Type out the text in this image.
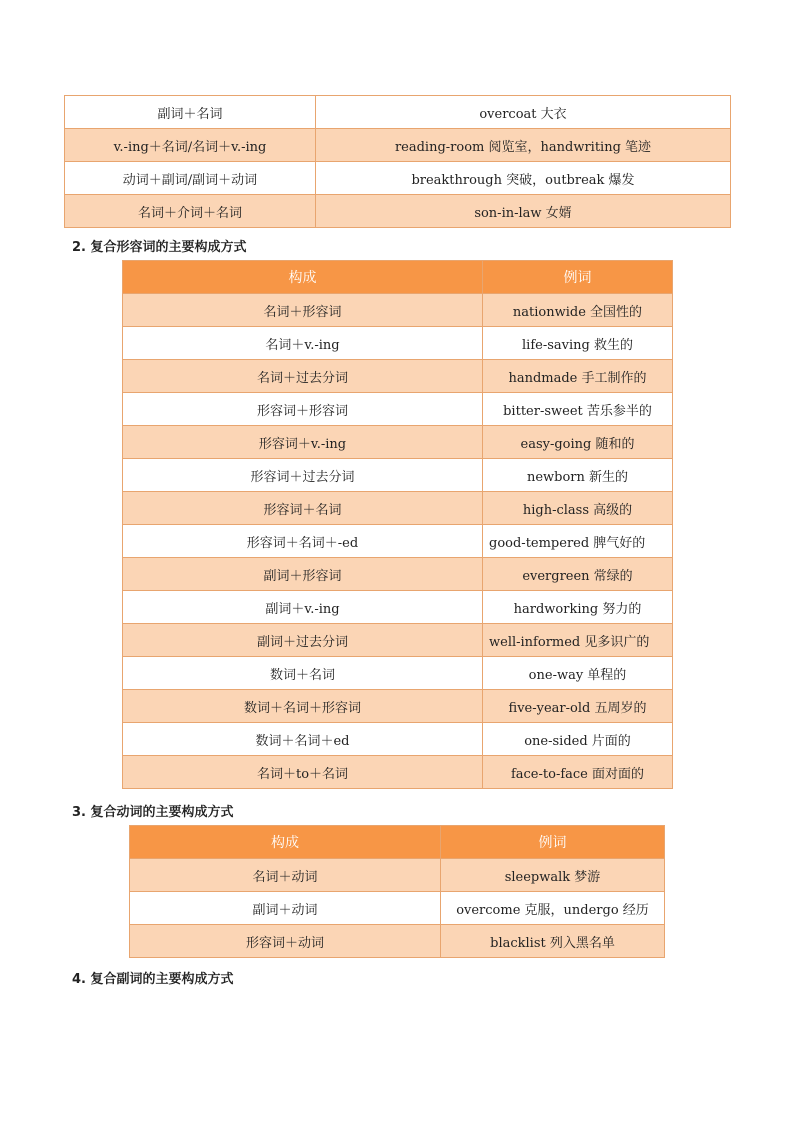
副词＋名词	overcoat 大衣
v.-ing＋名词/名词＋v.-ing	reading-room 阅览室，handwriting 笔迹
动词＋副词/副词＋动词	breakthrough 突破，outbreak 爆发
名词＋介词＋名词	son-in-law 女婿

2. 复合形容词的主要构成方式

构成	例词
名词＋形容词	nationwide 全国性的
名词＋v.-ing	life-saving 救生的
名词＋过去分词	handmade 手工制作的
形容词＋形容词	bitter-sweet 苦乐参半的
形容词＋v.-ing	easy-going 随和的
形容词＋过去分词	newborn 新生的
形容词＋名词	high-class 高级的
形容词＋名词＋-ed	good-tempered 脾气好的
副词＋形容词	evergreen 常绿的
副词＋v.-ing	hardworking 努力的
副词＋过去分词	well-informed 见多识广的
数词＋名词	one-way 单程的
数词＋名词＋形容词	five-year-old 五周岁的
数词＋名词＋ed	one-sided 片面的
名词＋to＋名词	face-to-face 面对面的

3. 复合动词的主要构成方式

构成	例词
名词＋动词	sleepwalk 梦游
副词＋动词	overcome 克服，undergo 经历
形容词＋动词	blacklist 列入黑名单

4. 复合副词的主要构成方式
